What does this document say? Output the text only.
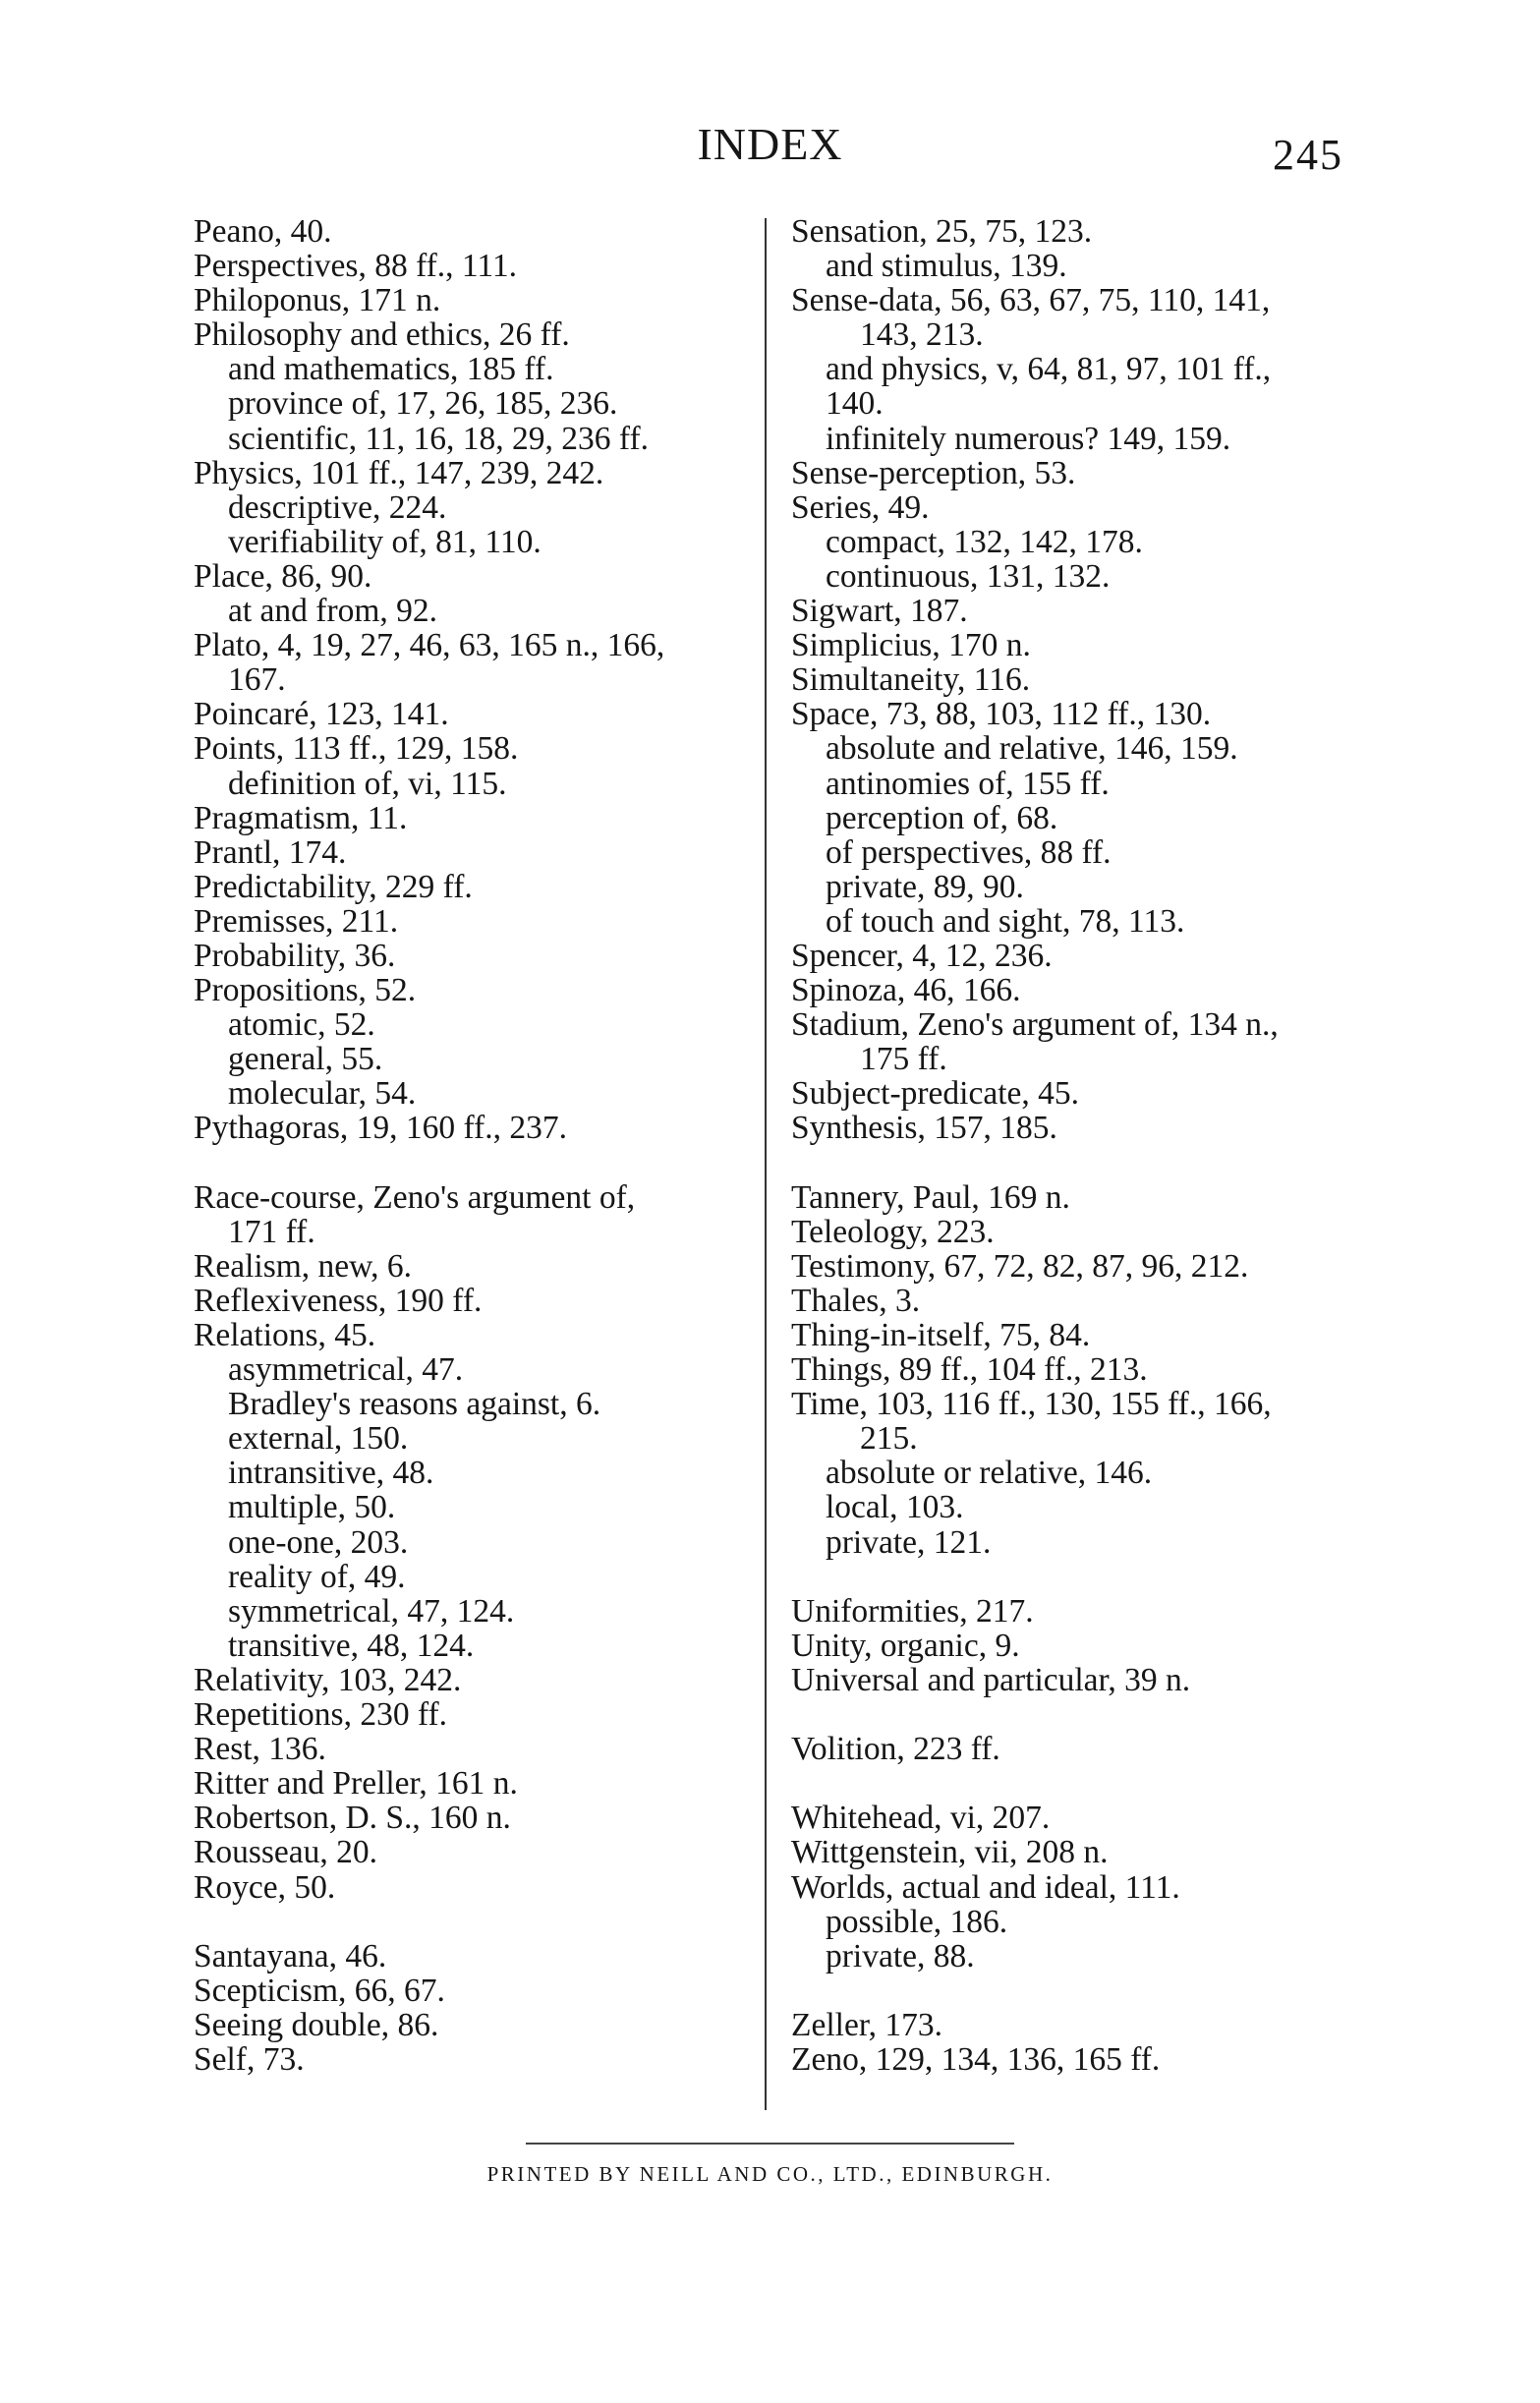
INDEX	245
Peano, 40.
Perspectives, 88 ff., 111.
Philoponus, 171 n.
Philosophy and ethics, 26 ff.
and mathematics, 185 ff.
province of, 17, 26, 185, 236.
scientific, 11, 16, 18, 29, 236 ff.
Physics, 101 ff., 147, 239, 242.
descriptive, 224.
verifiability of, 81, 110.
Place, 86, 90.
at and from, 92.
Plato, 4, 19, 27, 46, 63, 165 n., 166,
167.
Poincaré, 123, 141.
Points, 113 ff., 129, 158.
definition of, vi, 115.
Pragmatism, 11.
Prantl, 174.
Predictability, 229 ff.
Premisses, 211.
Probability, 36.
Propositions, 52.
atomic, 52.
general, 55.
molecular, 54.
Pythagoras, 19, 160 ff., 237.
Race-course, Zeno's argument of,
171 ff.
Realism, new, 6.
Reflexiveness, 190 ff.
Relations, 45.
asymmetrical, 47.
Bradley's reasons against, 6.
external, 150.
intransitive, 48.
multiple, 50.
one-one, 203.
reality of, 49.
symmetrical, 47, 124.
transitive, 48, 124.
Relativity, 103, 242.
Repetitions, 230 ff.
Rest, 136.
Ritter and Preller, 161 n.
Robertson, D. S., 160 n.
Rousseau, 20.
Royce, 50.
Santayana, 46.
Scepticism, 66, 67.
Seeing double, 86.
Self, 73.
Sensation, 25, 75, 123.
and stimulus, 139.
Sense-data, 56, 63, 67, 75, 110, 141,
143, 213.
and physics, v, 64, 81, 97, 101 ff.,
140.
infinitely numerous? 149, 159.
Sense-perception, 53.
Series, 49.
compact, 132, 142, 178.
continuous, 131, 132.
Sigwart, 187.
Simplicius, 170 n.
Simultaneity, 116.
Space, 73, 88, 103, 112 ff., 130.
absolute and relative, 146, 159.
antinomies of, 155 ff.
perception of, 68.
of perspectives, 88 ff.
private, 89, 90.
of touch and sight, 78, 113.
Spencer, 4, 12, 236.
Spinoza, 46, 166.
Stadium, Zeno's argument of, 134 n.,
175 ff.
Subject-predicate, 45.
Synthesis, 157, 185.
Tannery, Paul, 169 n.
Teleology, 223.
Testimony, 67, 72, 82, 87, 96, 212.
Thales, 3.
Thing-in-itself, 75, 84.
Things, 89 ff., 104 ff., 213.
Time, 103, 116 ff., 130, 155 ff., 166,
215.
absolute or relative, 146.
local, 103.
private, 121.
Uniformities, 217.
Unity, organic, 9.
Universal and particular, 39 n.
Volition, 223 ff.
Whitehead, vi, 207.
Wittgenstein, vii, 208 n.
Worlds, actual and ideal, 111.
possible, 186.
private, 88.
Zeller, 173.
Zeno, 129, 134, 136, 165 ff.
PRINTED BY NEILL AND CO., LTD., EDINBURGH.
